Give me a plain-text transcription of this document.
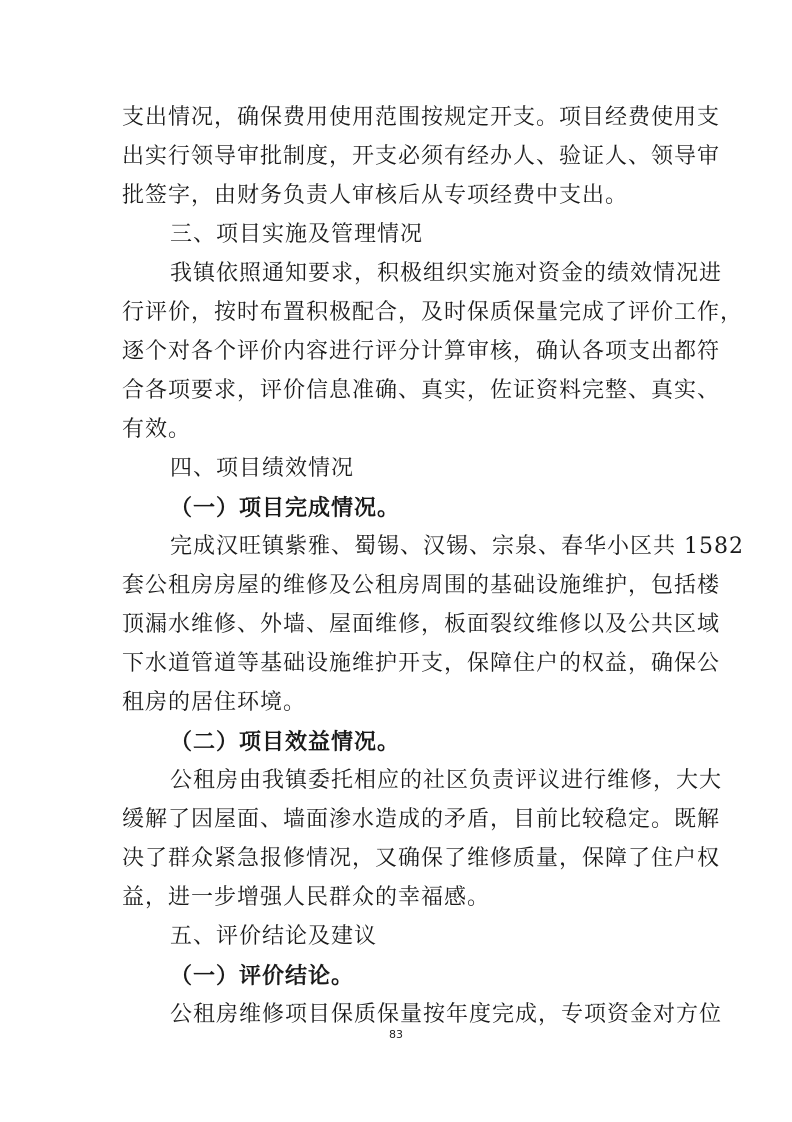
支出情况，确保费用使用范围按规定开支。项目经费使用支
出实行领导审批制度，开支必须有经办人、验证人、领导审
批签字，由财务负责人审核后从专项经费中支出。
三、项目实施及管理情况
我镇依照通知要求，积极组织实施对资金的绩效情况进
行评价，按时布置积极配合，及时保质保量完成了评价工作，
逐个对各个评价内容进行评分计算审核，确认各项支出都符
合各项要求，评价信息准确、真实，佐证资料完整、真实、
有效。
四、项目绩效情况
（一）项目完成情况。
完成汉旺镇紫雅、蜀锡、汉锡、宗泉、春华小区共 1582
套公租房房屋的维修及公租房周围的基础设施维护，包括楼
顶漏水维修、外墙、屋面维修，板面裂纹维修以及公共区域
下水道管道等基础设施维护开支，保障住户的权益，确保公
租房的居住环境。
（二）项目效益情况。
公租房由我镇委托相应的社区负责评议进行维修，大大
缓解了因屋面、墙面渗水造成的矛盾，目前比较稳定。既解
决了群众紧急报修情况，又确保了维修质量，保障了住户权
益，进一步增强人民群众的幸福感。
五、评价结论及建议
（一）评价结论。
公租房维修项目保质保量按年度完成，专项资金对方位
83
